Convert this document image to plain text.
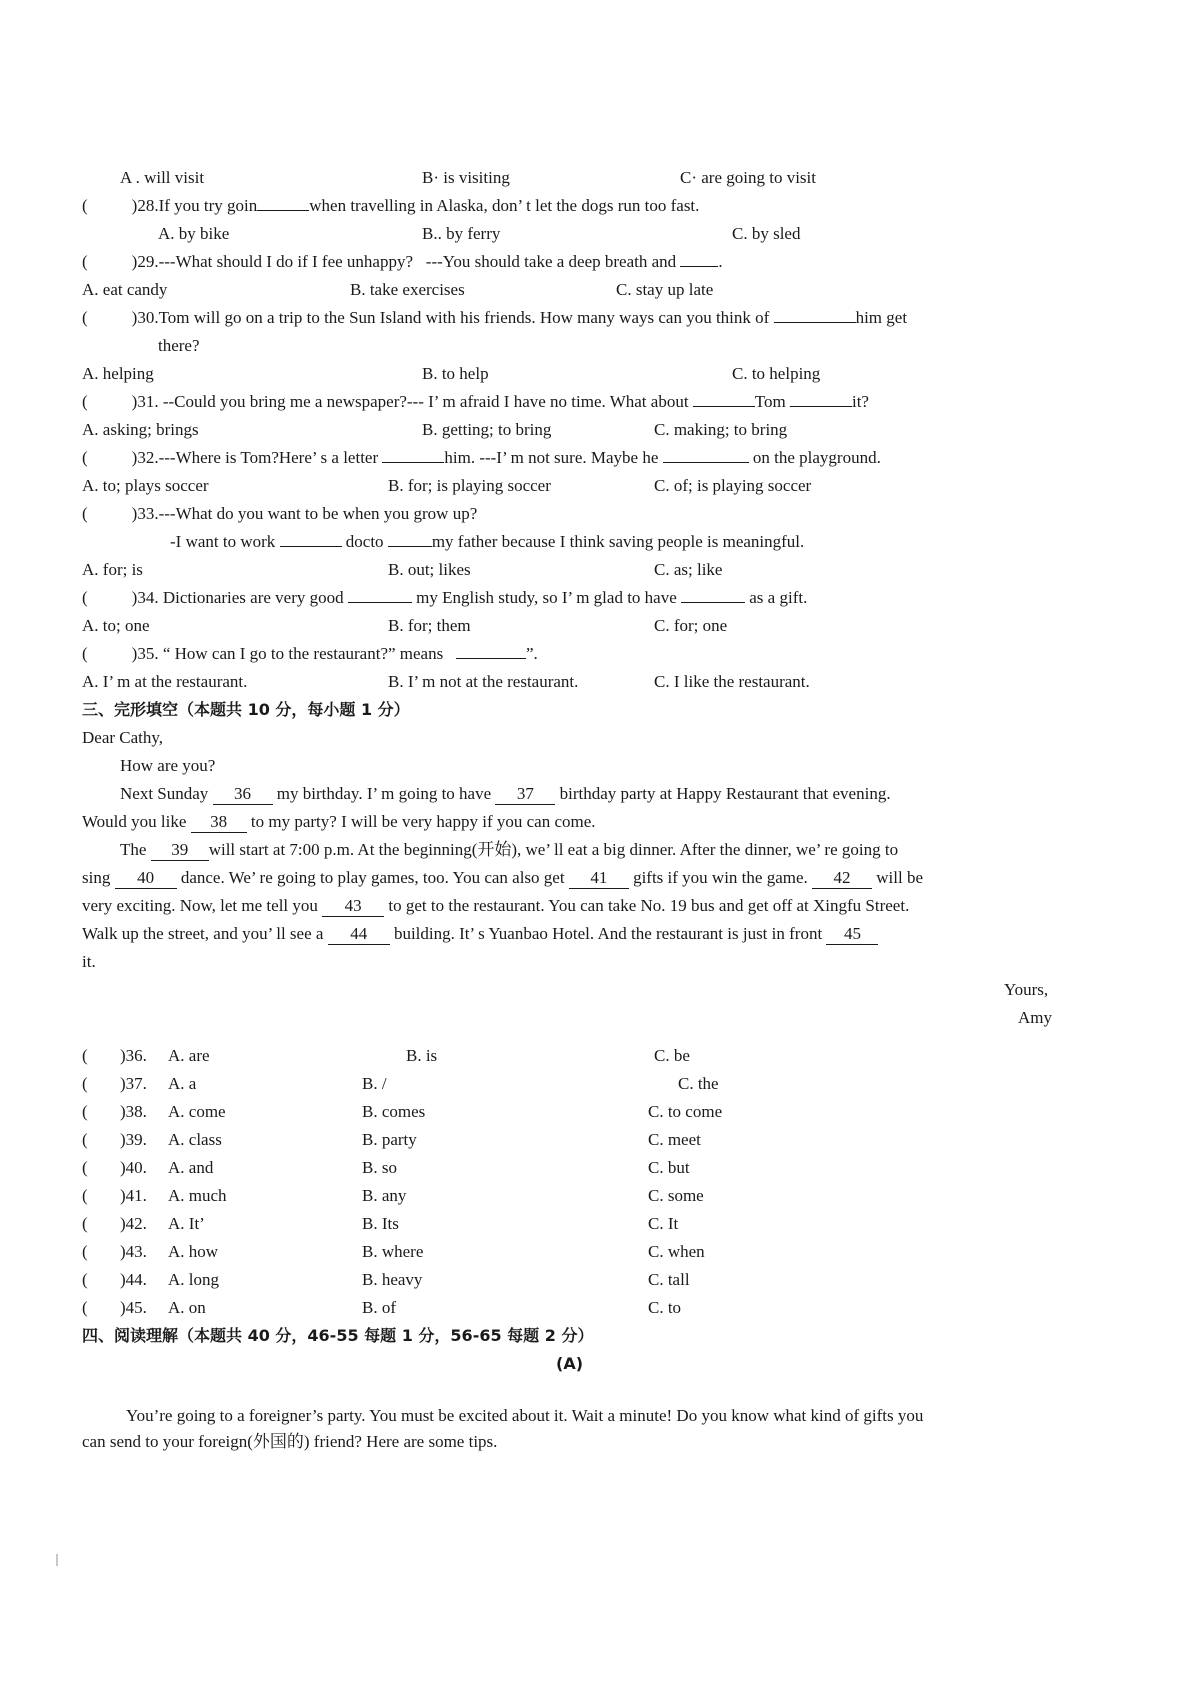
A . will visit	B· is visiting	C· are going to visit
(	)28.If you try goin	when travelling in Alaska, don’ t let the dogs run too fast.
A. by bike	B.. by ferry	C. by sled
(	)29.---What should I do if I fee unhappy? ---You should take a deep breath and .
A. eat candy	B. take exercises	C. stay up late
(	)30.Tom will go on a trip to the Sun Island with his friends. How many ways can you think of	him get
there?
A. helping	B. to help	C. to helping
(	)31. --Could you bring me a newspaper?--- I’ m afraid I have no time. What about	Tom	it?
A. asking; brings	B. getting; to bring	C. making; to bring
(	)32.---Where is Tom?Here’ s a letter	him. ---I’ m not sure. Maybe he	on the playground.
A. to; plays soccer	B. for; is playing soccer	C. of; is playing soccer
(	)33.---What do you want to be when you grow up?
-I want to work	docto	my father because I think saving people is meaningful.
A. for; is	B. out; likes	C. as; like
(	)34. Dictionaries are very good	my English study, so I’ m glad to have	as a gift.
A. to; one	B. for; them	C. for; one
(	)35. “ How can I go to the restaurant?” means	”.
A. I’ m at the restaurant.	B. I’ m not at the restaurant.	C. I like the restaurant.
三、完形填空（本题共 10 分，每小题 1 分）
Dear Cathy,
How are you?
Next Sunday 36 my birthday. I’ m going to have 37 birthday party at Happy Restaurant that evening.
Would you like 38 to my party? I will be very happy if you can come.
The 39 will start at 7:00 p.m. At the beginning(开始), we’ ll eat a big dinner. After the dinner, we’ re going to
sing 40 dance. We’ re going to play games, too. You can also get 41 gifts if you win the game. 42 will be
very exciting. Now, let me tell you 43 to get to the restaurant. You can take No. 19 bus and get off at Xingfu Street.
Walk up the street, and you’ ll see a 44 building. It’ s Yuanbao Hotel. And the restaurant is just in front 45
it.
Yours,
Amy
( )36. A. are	B. is	C. be
( )37. A. a	B. /	C. the
( )38. A. come	B. comes	C. to come
( )39. A. class	B. party	C. meet
( )40. A. and	B. so	C. but
( )41. A. much	B. any	C. some
( )42. A. It’	B. Its	C. It
( )43. A. how	B. where	C. when
( )44. A. long	B. heavy	C. tall
( )45. A. on	B. of	C. to
四、阅读理解（本题共 40 分，46-55 每题 1 分，56-65 每题 2 分）
(A)
You’re going to a foreigner’s party. You must be excited about it. Wait a minute! Do you know what kind of gifts you
can send to your foreign(外国的) friend? Here are some tips.
